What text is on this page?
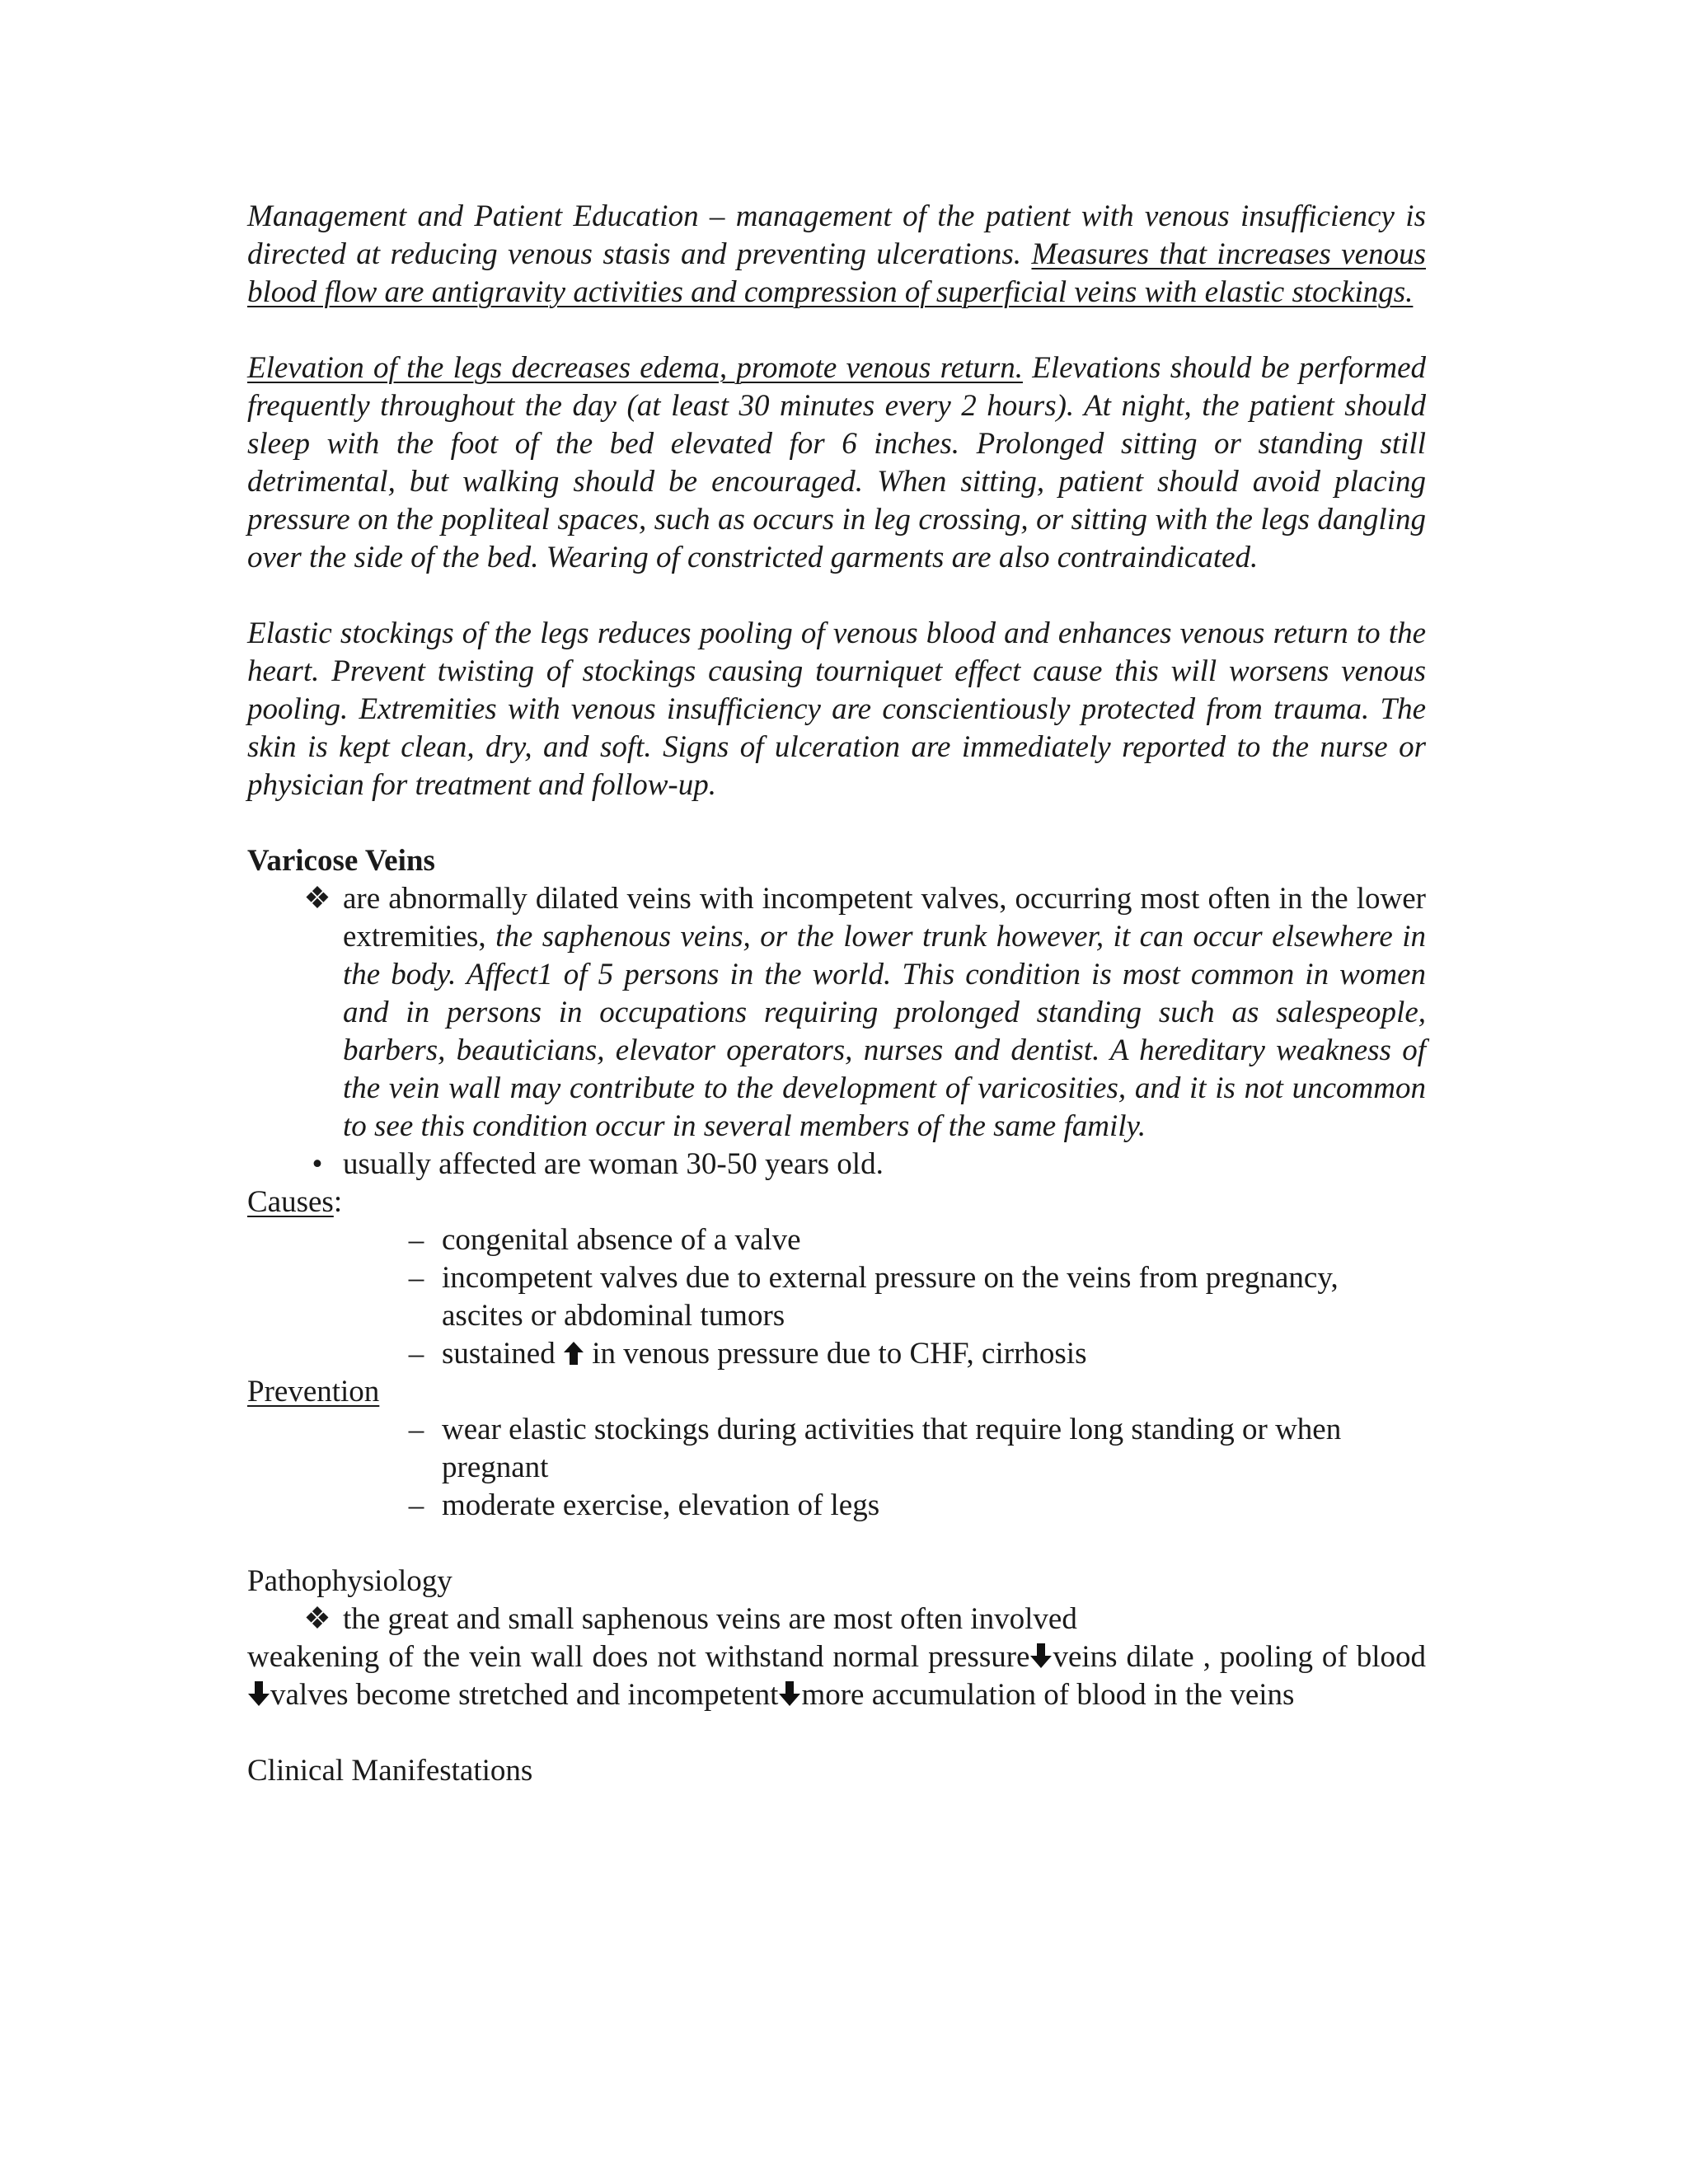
Management and Patient Education – management of the patient with venous insufficiency is directed at reducing venous stasis and preventing ulcerations. Measures that increases venous blood flow are antigravity activities and compression of superficial veins with elastic stockings.

Elevation of the legs decreases edema, promote venous return. Elevations should be performed frequently throughout the day (at least 30 minutes every 2 hours). At night, the patient should sleep with the foot of the bed elevated for 6 inches. Prolonged sitting or standing still detrimental, but walking should be encouraged. When sitting, patient should avoid placing pressure on the popliteal spaces, such as occurs in leg crossing, or sitting with the legs dangling over the side of the bed. Wearing of constricted garments are also contraindicated.

Elastic stockings of the legs reduces pooling of venous blood and enhances venous return to the heart. Prevent twisting of stockings causing tourniquet effect cause this will worsens venous pooling. Extremities with venous insufficiency are conscientiously protected from trauma. The skin is kept clean, dry, and soft. Signs of ulceration are immediately reported to the nurse or physician for treatment and follow-up.

Varicose Veins
❖ are abnormally dilated veins with incompetent valves, occurring most often in the lower extremities, the saphenous veins, or the lower trunk however, it can occur elsewhere in the body. Affect1 of 5 persons in the world. This condition is most common in women and in persons in occupations requiring prolonged standing such as salespeople, barbers, beauticians, elevator operators, nurses and dentist. A hereditary weakness of the vein wall may contribute to the development of varicosities, and it is not uncommon to see this condition occur in several members of the same family.
• usually affected are woman 30-50 years old.
Causes:
– congenital absence of a valve
– incompetent valves due to external pressure on the veins from pregnancy, ascites or abdominal tumors
– sustained  in venous pressure due to CHF, cirrhosis
Prevention
– wear elastic stockings during activities that require long standing or when pregnant
– moderate exercise, elevation of legs
Pathophysiology
❖ the great and small saphenous veins are most often involved

weakening of the vein wall does not withstand normal pressure veins dilate , pooling of bloodvalves become stretched and incompetent more accumulation of blood in the veins

Clinical Manifestations
